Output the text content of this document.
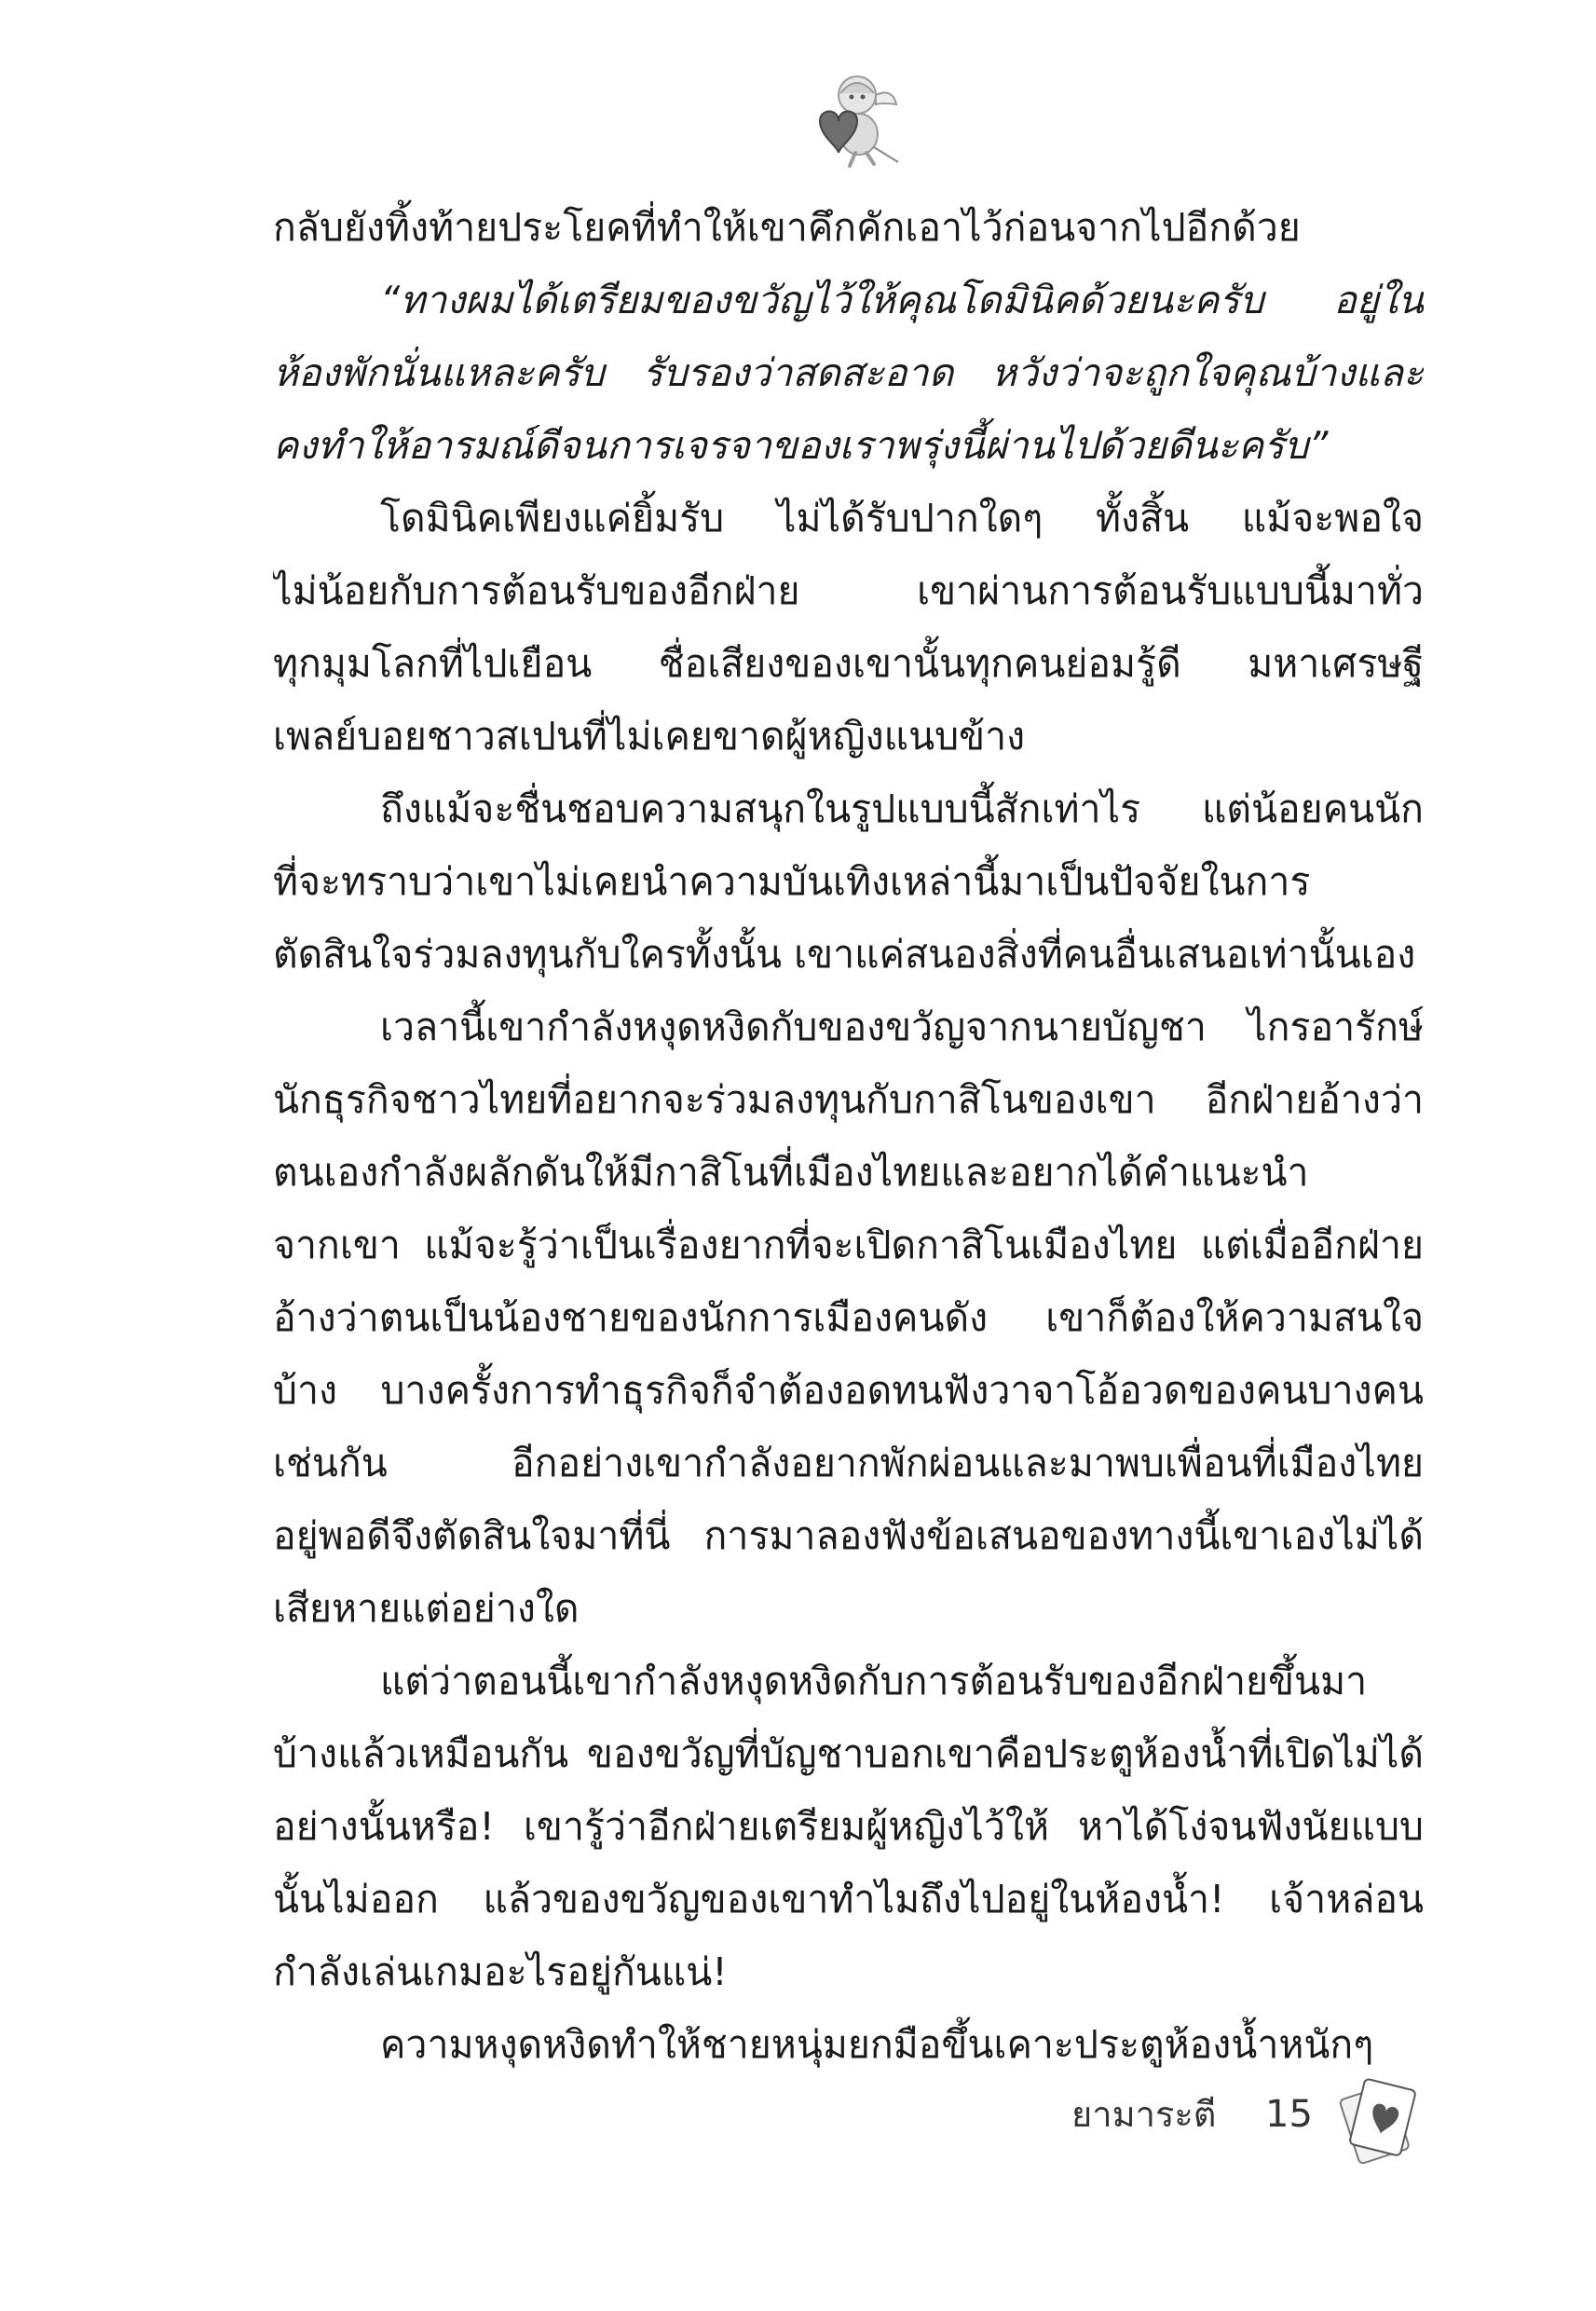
กลับยังทิ้งท้ายประโยคที่ทำให้เขาคึกคักเอาไว้ก่อนจากไปอีกด้วย
“ทางผมได้เตรียมของขวัญไว้ให้คุณโดมินิคด้วยนะครับ อยู่ใน
ห้องพักนั่นแหละครับ รับรองว่าสดสะอาด หวังว่าจะถูกใจคุณบ้างและ
คงทำให้อารมณ์ดีจนการเจรจาของเราพรุ่งนี้ผ่านไปด้วยดีนะครับ”
โดมินิคเพียงแค่ยิ้มรับ ไม่ได้รับปากใดๆ ทั้งสิ้น แม้จะพอใจ
ไม่น้อยกับการต้อนรับของอีกฝ่าย เขาผ่านการต้อนรับแบบนี้มาทั่ว
ทุกมุมโลกที่ไปเยือน ชื่อเสียงของเขานั้นทุกคนย่อมรู้ดี มหาเศรษฐี
เพลย์บอยชาวสเปนที่ไม่เคยขาดผู้หญิงแนบข้าง
ถึงแม้จะชื่นชอบความสนุกในรูปแบบนี้สักเท่าไร แต่น้อยคนนัก
ที่จะทราบว่าเขาไม่เคยนำความบันเทิงเหล่านี้มาเป็นปัจจัยในการ
ตัดสินใจร่วมลงทุนกับใครทั้งนั้น เขาแค่สนองสิ่งที่คนอื่นเสนอเท่านั้นเอง
เวลานี้เขากำลังหงุดหงิดกับของขวัญจากนายบัญชา ไกรอารักษ์
นักธุรกิจชาวไทยที่อยากจะร่วมลงทุนกับกาสิโนของเขา อีกฝ่ายอ้างว่า
ตนเองกำลังผลักดันให้มีกาสิโนที่เมืองไทยและอยากได้คำแนะนำ
จากเขา แม้จะรู้ว่าเป็นเรื่องยากที่จะเปิดกาสิโนเมืองไทย แต่เมื่ออีกฝ่าย
อ้างว่าตนเป็นน้องชายของนักการเมืองคนดัง เขาก็ต้องให้ความสนใจ
บ้าง บางครั้งการทำธุรกิจก็จำต้องอดทนฟังวาจาโอ้อวดของคนบางคน
เช่นกัน อีกอย่างเขากำลังอยากพักผ่อนและมาพบเพื่อนที่เมืองไทย
อยู่พอดีจึงตัดสินใจมาที่นี่ การมาลองฟังข้อเสนอของทางนี้เขาเองไม่ได้
เสียหายแต่อย่างใด
แต่ว่าตอนนี้เขากำลังหงุดหงิดกับการต้อนรับของอีกฝ่ายขึ้นมา
บ้างแล้วเหมือนกัน ของขวัญที่บัญชาบอกเขาคือประตูห้องน้ำที่เปิดไม่ได้
อย่างนั้นหรือ! เขารู้ว่าอีกฝ่ายเตรียมผู้หญิงไว้ให้ หาได้โง่จนฟังนัยแบบ
นั้นไม่ออก แล้วของขวัญของเขาทำไมถึงไปอยู่ในห้องน้ำ! เจ้าหล่อน
กำลังเล่นเกมอะไรอยู่กันแน่!
ความหงุดหงิดทำให้ชายหนุ่มยกมือขึ้นเคาะประตูห้องน้ำหนักๆ
ยามาระตี 15
